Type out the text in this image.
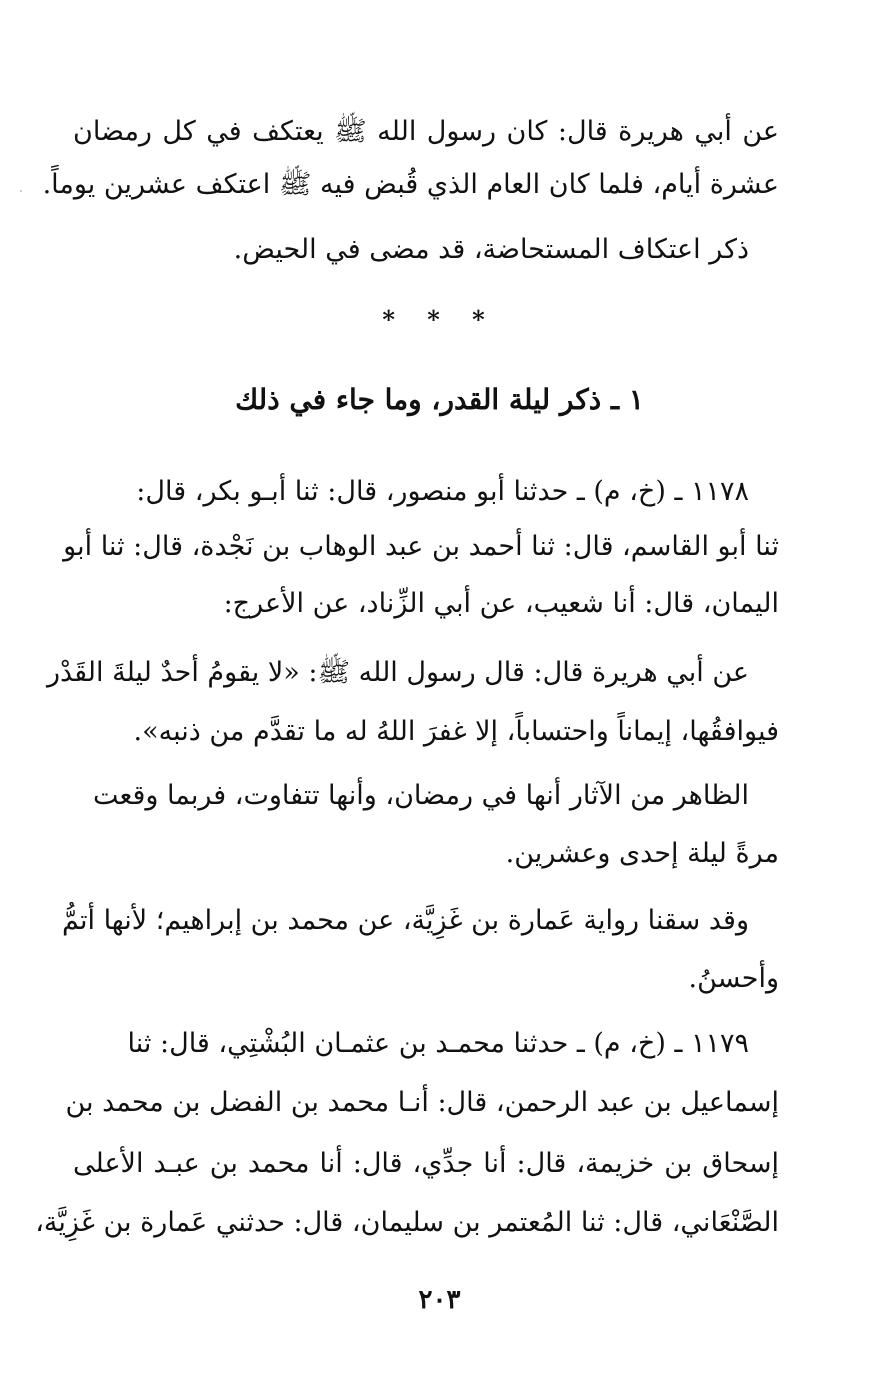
عن أبي هريرة قال: كان رسول الله ﷺ يعتكف في كل رمضان
عشرة أيام، فلما كان العام الذي قُبض فيه ﷺ اعتكف عشرين يوماً.
ذكر اعتكاف المستحاضة، قد مضى في الحيض.
* * *
١ ـ ذكر ليلة القدر، وما جاء في ذلك
١١٧٨ ـ (خ، م) ـ حدثنا أبو منصور، قال: ثنا أبـو بكر، قال:
ثنا أبو القاسم، قال: ثنا أحمد بن عبد الوهاب بن نَجْدة، قال: ثنا أبو
اليمان، قال: أنا شعيب، عن أبي الزِّناد، عن الأعرج:
عن أبي هريرة قال: قال رسول الله ﷺ: «لا يقومُ أحدٌ ليلةَ القَدْر
فيوافقُها، إيماناً واحتساباً، إلا غفرَ اللهُ له ما تقدَّم من ذنبه».
الظاهر من الآثار أنها في رمضان، وأنها تتفاوت، فربما وقعت
مرةً ليلة إحدى وعشرين.
وقد سقنا رواية عَمارة بن غَزِيَّة، عن محمد بن إبراهيم؛ لأنها أتمُّ
وأحسنُ.
١١٧٩ ـ (خ، م) ـ حدثنا محمـد بن عثمـان البُشْتِي، قال: ثنا
إسماعيل بن عبد الرحمن، قال: أنـا محمد بن الفضل بن محمد بن
إسحاق بن خزيمة، قال: أنا جدِّي، قال: أنا محمد بن عبـد الأعلى
الصَّنْعَاني، قال: ثنا المُعتمر بن سليمان، قال: حدثني عَمارة بن غَزِيَّة،
٢٠٣
